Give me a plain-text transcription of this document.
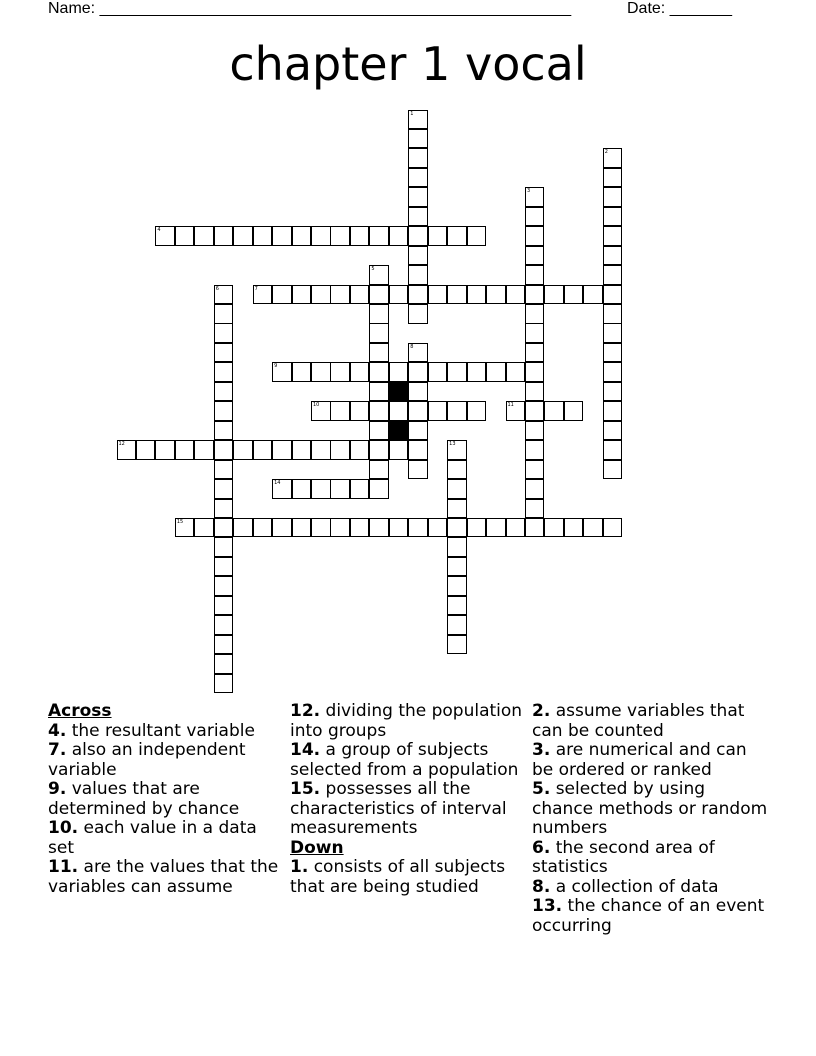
Name: _____________________________________________________	Date: _______
chapter 1 vocal
4
7
9
10	11
12
14
15
1
2
3
5
6
8
13
Across
4. the resultant variable
7. also an independent variable
9. values that are determined by chance
10. each value in a data set
11. are the values that the variables can assume
12. dividing the population into groups
14. a group of subjects selected from a population
15. possesses all the characteristics of interval measurements
Down
1. consists of all subjects that are being studied
2. assume variables that can be counted
3. are numerical and can be ordered or ranked
5. selected by using chance methods or random numbers
6. the second area of statistics
8. a collection of data
13. the chance of an event occurring
